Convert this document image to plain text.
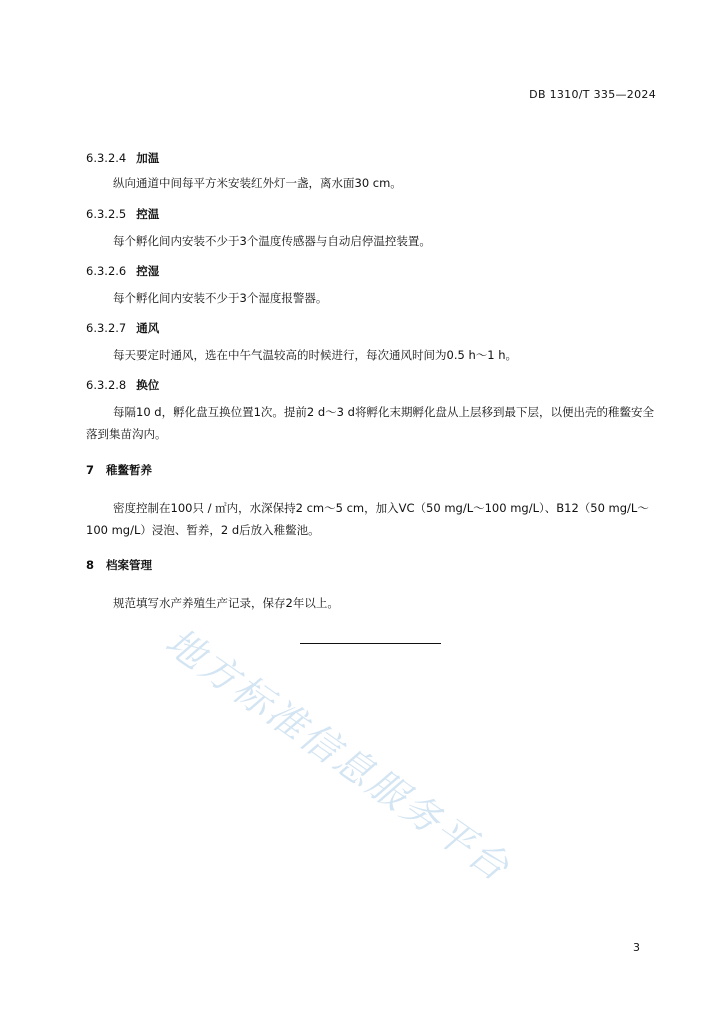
DB 1310/T 335—2024
6.3.2.4 加温
纵向通道中间每平方米安装红外灯一盏，离水面30 cm。
6.3.2.5 控温
每个孵化间内安装不少于3个温度传感器与自动启停温控装置。
6.3.2.6 控湿
每个孵化间内安装不少于3个湿度报警器。
6.3.2.7 通风
每天要定时通风，选在中午气温较高的时候进行，每次通风时间为0.5 h～1 h。
6.3.2.8 换位
每隔10 d，孵化盘互换位置1次。提前2 d～3 d将孵化末期孵化盘从上层移到最下层，以便出壳的稚鳖安全落到集苗沟内。
7 稚鳖暂养
密度控制在100只 / ㎡内，水深保持2 cm～5 cm，加入VC（50 mg/L～100 mg/L）、B12（50 mg/L～100 mg/L）浸泡、暂养，2 d后放入稚鳖池。
8 档案管理
规范填写水产养殖生产记录，保存2年以上。
地方标准信息服务平台
3
